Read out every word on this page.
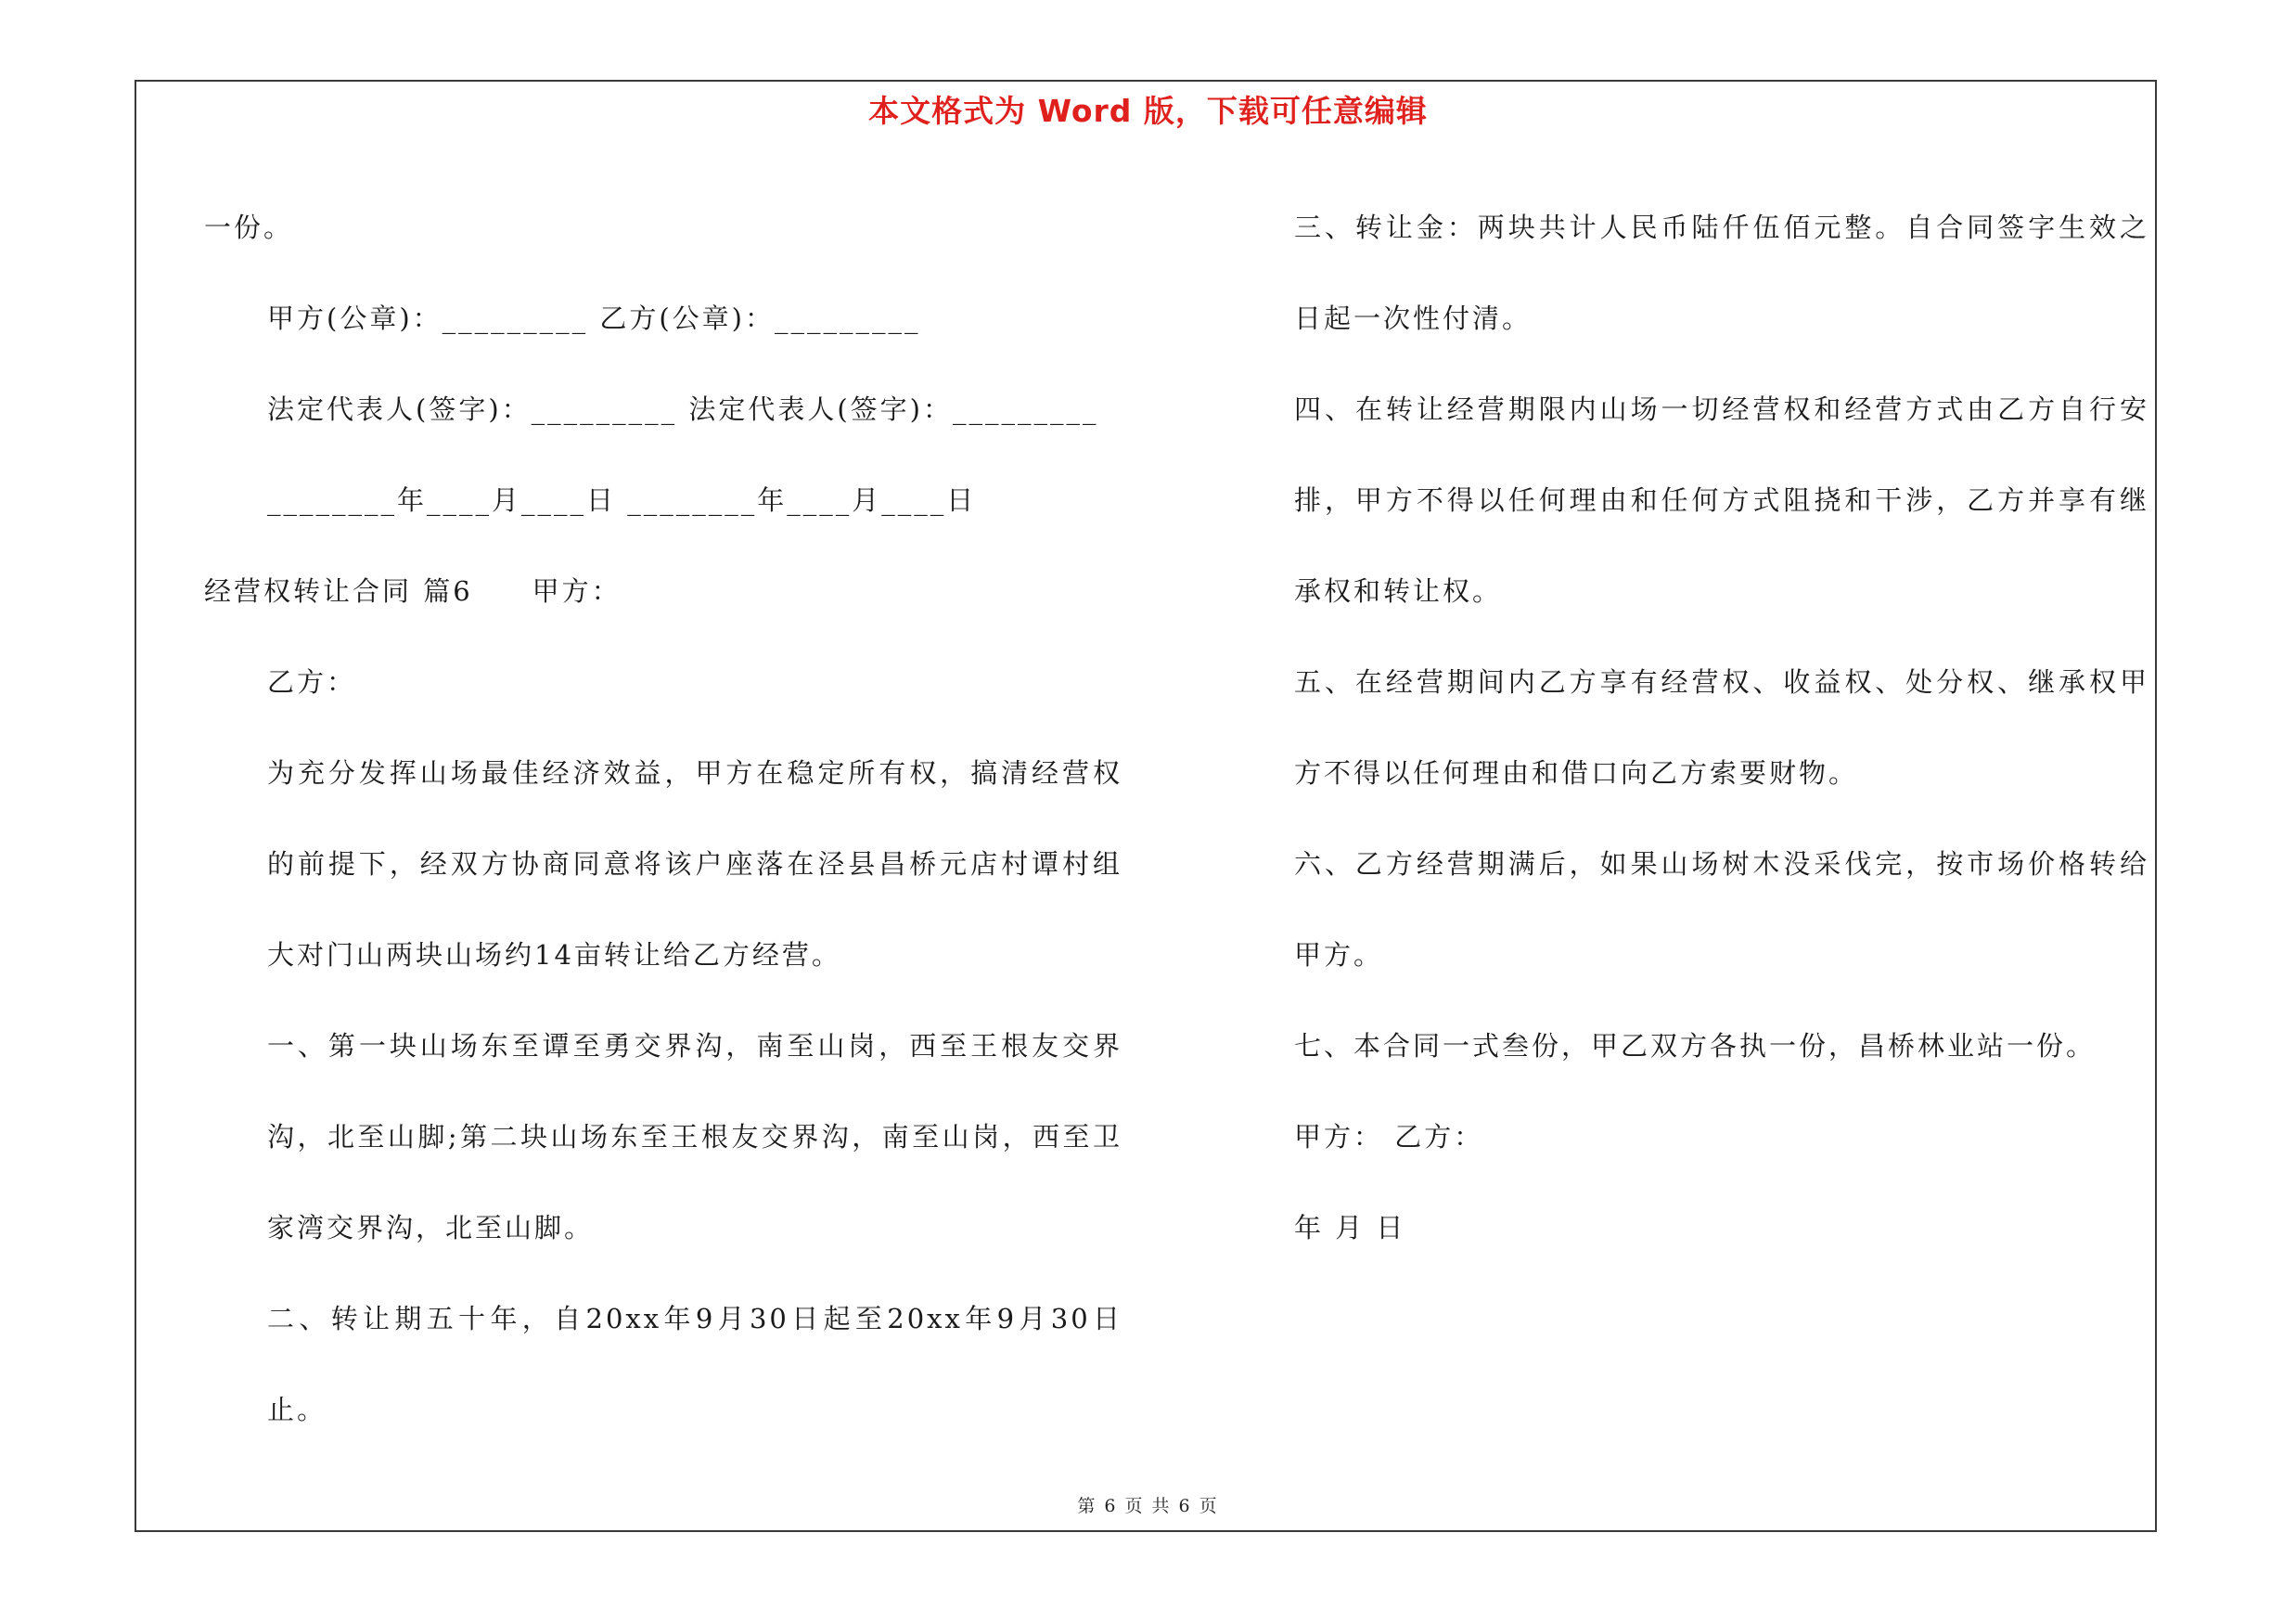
本文格式为 Word 版，下载可任意编辑

一份。

甲方(公章)：_________ 乙方(公章)：_________

法定代表人(签字)：_________ 法定代表人(签字)：_________

________年____月____日 ________年____月____日

经营权转让合同 篇6　　甲方：

乙方：

为充分发挥山场最佳经济效益，甲方在稳定所有权，搞清经营权的前提下，经双方协商同意将该户座落在泾县昌桥元店村谭村组大对门山两块山场约14亩转让给乙方经营。

一、第一块山场东至谭至勇交界沟，南至山岗，西至王根友交界沟，北至山脚;第二块山场东至王根友交界沟，南至山岗，西至卫家湾交界沟，北至山脚。

二、转让期五十年，自20xx年9月30日起至20xx年9月30日止。

三、转让金：两块共计人民币陆仟伍佰元整。自合同签字生效之日起一次性付清。

四、在转让经营期限内山场一切经营权和经营方式由乙方自行安排，甲方不得以任何理由和任何方式阻挠和干涉，乙方并享有继承权和转让权。

五、在经营期间内乙方享有经营权、收益权、处分权、继承权甲方不得以任何理由和借口向乙方索要财物。

六、乙方经营期满后，如果山场树木没采伐完，按市场价格转给甲方。

七、本合同一式叁份，甲乙双方各执一份，昌桥林业站一份。

甲方： 乙方：

年 月 日

第 6 页 共 6 页
